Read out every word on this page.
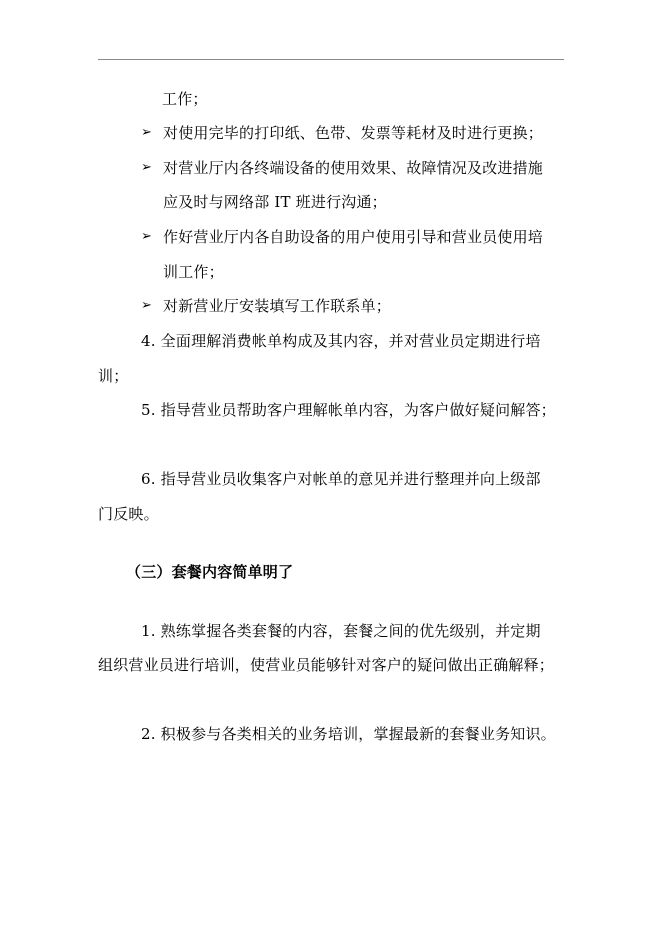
工作；
➢ 对使用完毕的打印纸、色带、发票等耗材及时进行更换；
➢ 对营业厅内各终端设备的使用效果、故障情况及改进措施
应及时与网络部 IT 班进行沟通；
➢ 作好营业厅内各自助设备的用户使用引导和营业员使用培
训工作；
➢ 对新营业厅安装填写工作联系单；
4. 全面理解消费帐单构成及其内容，并对营业员定期进行培
训；
5. 指导营业员帮助客户理解帐单内容，为客户做好疑问解答；
6. 指导营业员收集客户对帐单的意见并进行整理并向上级部
门反映。
（三）套餐内容简单明了
1. 熟练掌握各类套餐的内容，套餐之间的优先级别，并定期
组织营业员进行培训，使营业员能够针对客户的疑问做出正确解释；
2. 积极参与各类相关的业务培训，掌握最新的套餐业务知识。
